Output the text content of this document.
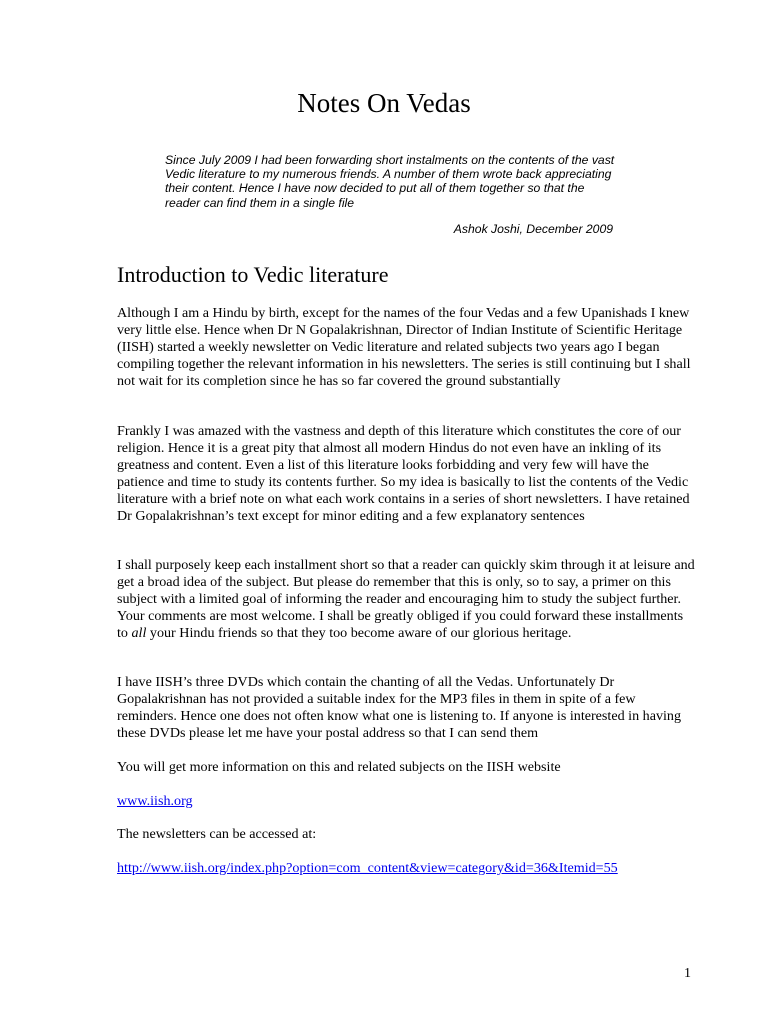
Notes On Vedas

Since July 2009 I had been forwarding short instalments on the contents of the vast Vedic literature to my numerous friends. A number of them wrote back appreciating their content. Hence I have now decided to put all of them together so that the reader can find them in a single file

Ashok Joshi, December 2009

Introduction to Vedic literature

Although I am a Hindu by birth, except for the names of the four Vedas and a few Upanishads I knew very little else. Hence when Dr N Gopalakrishnan, Director of Indian Institute of Scientific Heritage (IISH) started a weekly newsletter on Vedic literature and related subjects two years ago I began compiling together the relevant information in his newsletters. The series is still continuing but I shall not wait for its completion since he has so far covered the ground substantially

Frankly I was amazed with the vastness and depth of this literature which constitutes the core of our religion. Hence it is a great pity that almost all modern Hindus do not even have an inkling of its greatness and content. Even a list of this literature looks forbidding and very few will have the patience and time to study its contents further. So my idea is basically to list the contents of the Vedic literature with a brief note on what each work contains in a series of short newsletters. I have retained Dr Gopalakrishnan’s text except for minor editing and a few explanatory sentences

I shall purposely keep each installment short so that a reader can quickly skim through it at leisure and get a broad idea of the subject. But please do remember that this is only, so to say, a primer on this subject with a limited goal of informing the reader and encouraging him to study the subject further. Your comments are most welcome. I shall be greatly obliged if you could forward these installments to all your Hindu friends so that they too become aware of our glorious heritage.

I have IISH’s three DVDs which contain the chanting of all the Vedas. Unfortunately Dr Gopalakrishnan has not provided a suitable index for the MP3 files in them in spite of a few reminders. Hence one does not often know what one is listening to. If anyone is interested in having these DVDs please let me have your postal address so that I can send them

You will get more information on this and related subjects on the IISH website

www.iish.org

The newsletters can be accessed at:

http://www.iish.org/index.php?option=com_content&view=category&id=36&Itemid=55

1
